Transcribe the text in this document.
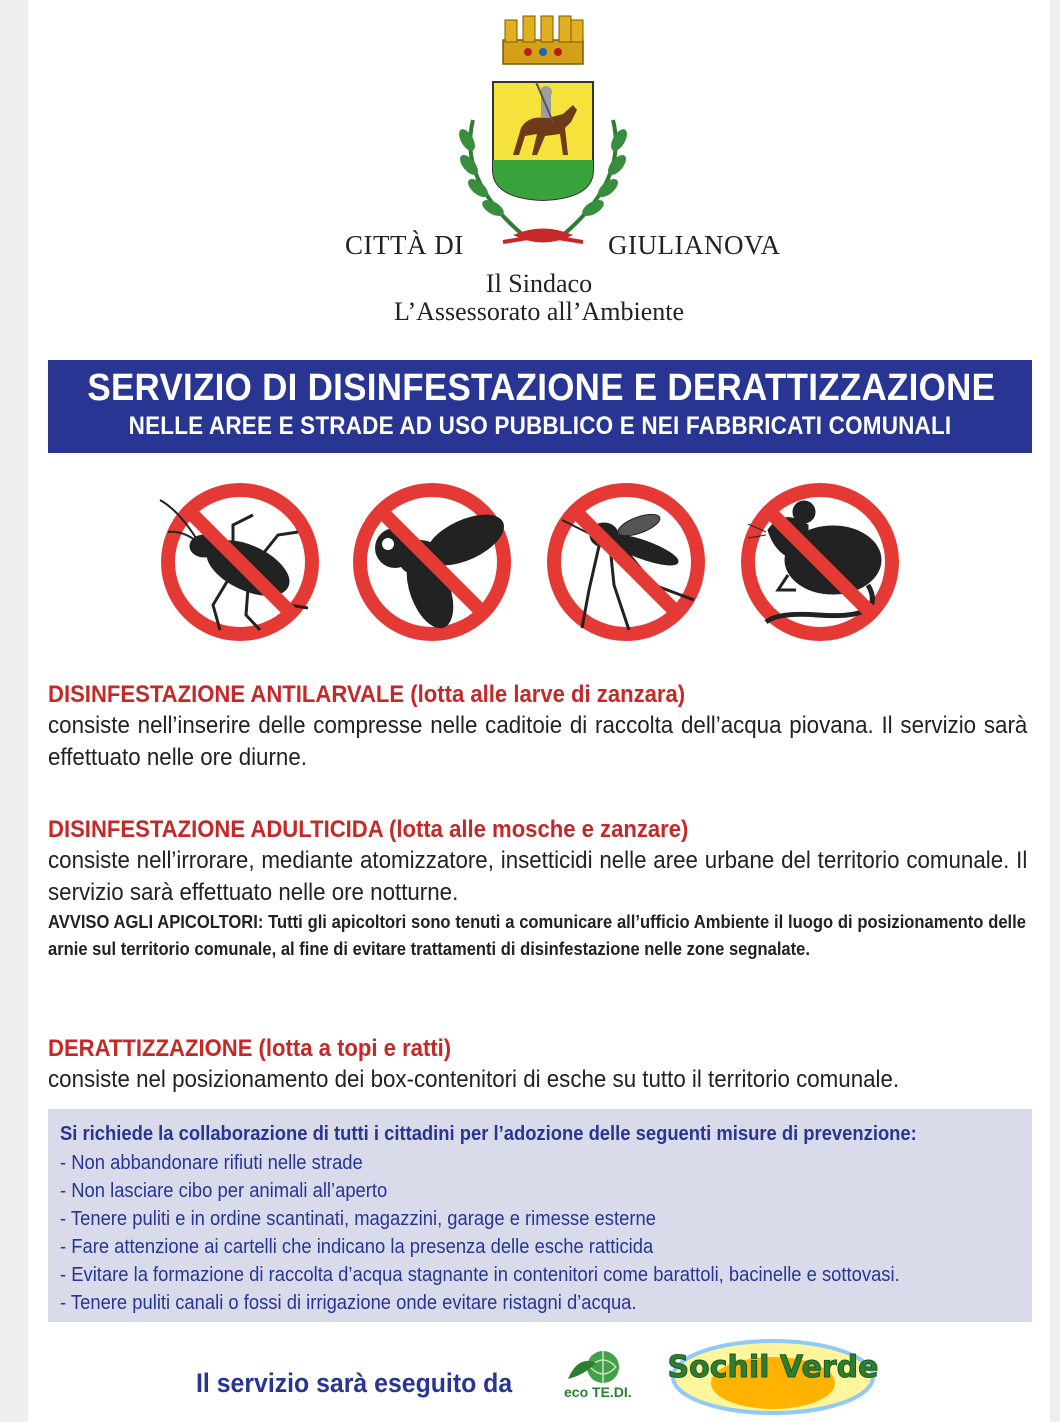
CITTÀ DI	GIULIANOVA
Il Sindaco
L’Assessorato all’Ambiente
SERVIZIO DI DISINFESTAZIONE E DERATTIZZAZIONE
NELLE AREE E STRADE AD USO PUBBLICO E NEI FABBRICATI COMUNALI
DISINFESTAZIONE ANTILARVALE (lotta alle larve di zanzara)
consiste nell’inserire delle compresse nelle caditoie di raccolta dell’acqua piovana. Il servizio sarà effettuato nelle ore diurne.
DISINFESTAZIONE ADULTICIDA (lotta alle mosche e zanzare)
consiste nell’irrorare, mediante atomizzatore, insetticidi nelle aree urbane del territorio comunale. Il servizio sarà effettuato nelle ore notturne.
AVVISO AGLI APICOLTORI: Tutti gli apicoltori sono tenuti a comunicare all’ufficio Ambiente il luogo di posizionamento delle arnie sul territorio comunale, al fine di evitare trattamenti di disinfestazione nelle zone segnalate.
DERATTIZZAZIONE (lotta a topi e ratti)
consiste nel posizionamento dei box-contenitori di esche su tutto il territorio comunale.
Si richiede la collaborazione di tutti i cittadini per l’adozione delle seguenti misure di prevenzione:
- Non abbandonare rifiuti nelle strade
- Non lasciare cibo per animali all’aperto
- Tenere puliti e in ordine scantinati, magazzini, garage e rimesse esterne
- Fare attenzione ai cartelli che indicano la presenza delle esche ratticida
- Evitare la formazione di raccolta d’acqua stagnante in contenitori come barattoli, bacinelle e sottovasi.
- Tenere puliti canali o fossi di irrigazione onde evitare ristagni d’acqua.
Il servizio sarà eseguito da	eco TE.DI.
Sochil Verde
